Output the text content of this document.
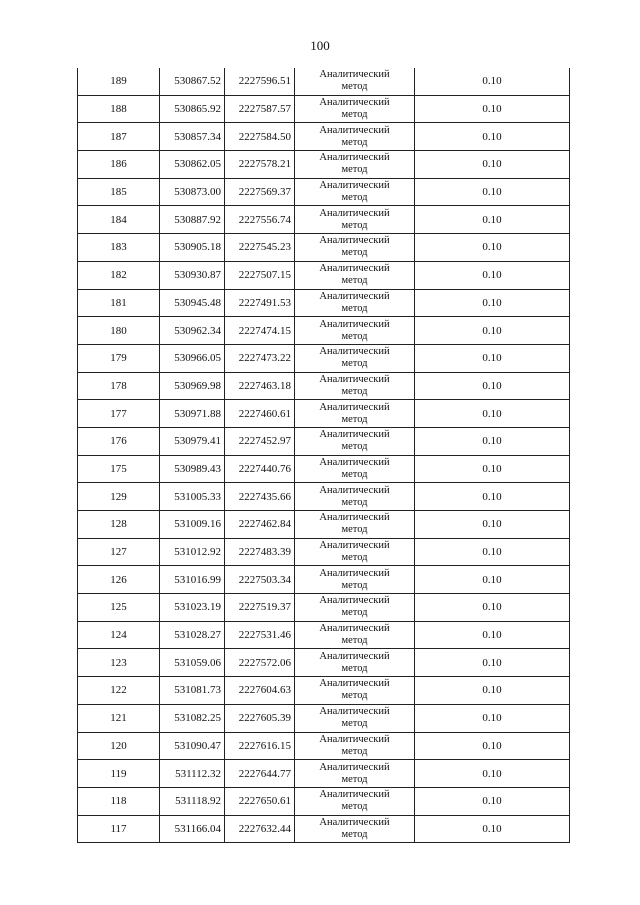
100
189	530867.52	2227596.51	Аналитический
метод	0.10
188	530865.92	2227587.57	Аналитический
метод	0.10
187	530857.34	2227584.50	Аналитический
метод	0.10
186	530862.05	2227578.21	Аналитический
метод	0.10
185	530873.00	2227569.37	Аналитический
метод	0.10
184	530887.92	2227556.74	Аналитический
метод	0.10
183	530905.18	2227545.23	Аналитический
метод	0.10
182	530930.87	2227507.15	Аналитический
метод	0.10
181	530945.48	2227491.53	Аналитический
метод	0.10
180	530962.34	2227474.15	Аналитический
метод	0.10
179	530966.05	2227473.22	Аналитический
метод	0.10
178	530969.98	2227463.18	Аналитический
метод	0.10
177	530971.88	2227460.61	Аналитический
метод	0.10
176	530979.41	2227452.97	Аналитический
метод	0.10
175	530989.43	2227440.76	Аналитический
метод	0.10
129	531005.33	2227435.66	Аналитический
метод	0.10
128	531009.16	2227462.84	Аналитический
метод	0.10
127	531012.92	2227483.39	Аналитический
метод	0.10
126	531016.99	2227503.34	Аналитический
метод	0.10
125	531023.19	2227519.37	Аналитический
метод	0.10
124	531028.27	2227531.46	Аналитический
метод	0.10
123	531059.06	2227572.06	Аналитический
метод	0.10
122	531081.73	2227604.63	Аналитический
метод	0.10
121	531082.25	2227605.39	Аналитический
метод	0.10
120	531090.47	2227616.15	Аналитический
метод	0.10
119	531112.32	2227644.77	Аналитический
метод	0.10
118	531118.92	2227650.61	Аналитический
метод	0.10
117	531166.04	2227632.44	Аналитический
метод	0.10
